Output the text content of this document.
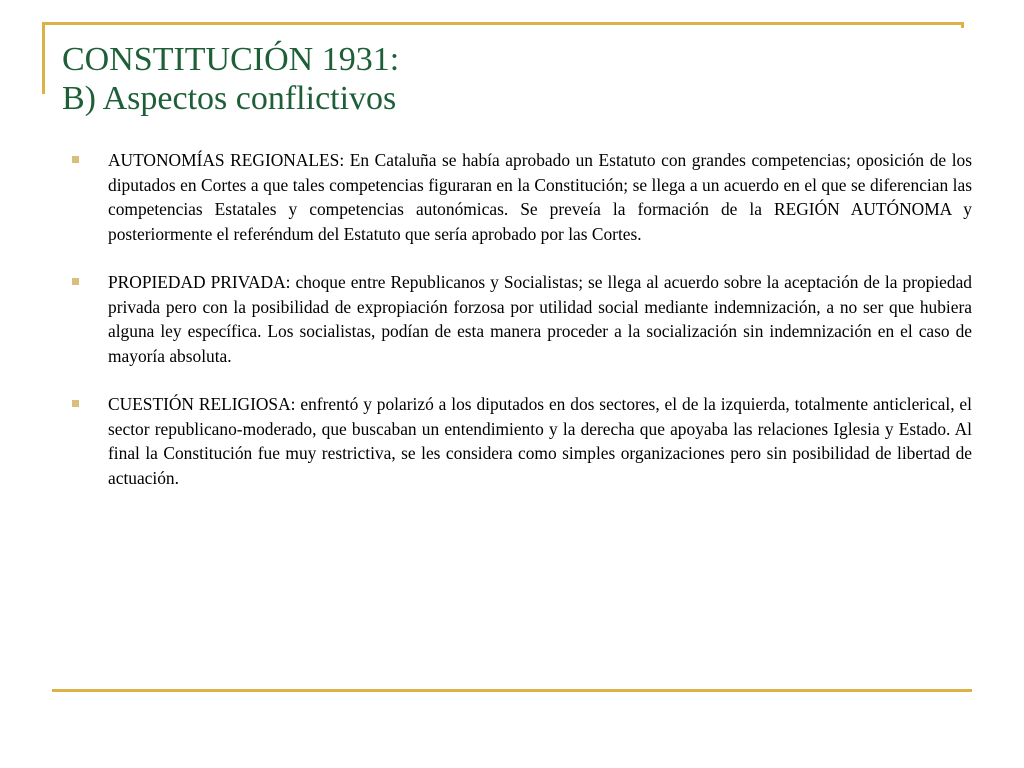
CONSTITUCIÓN 1931:
B) Aspectos conflictivos
AUTONOMÍAS REGIONALES: En Cataluña se había aprobado un Estatuto con grandes competencias; oposición de los diputados en Cortes a que tales competencias figuraran en la Constitución; se llega a un acuerdo en el que se diferencian las competencias Estatales y competencias autonómicas. Se preveía la formación de la REGIÓN AUTÓNOMA y posteriormente el referéndum del Estatuto que sería aprobado por las Cortes.
PROPIEDAD PRIVADA: choque entre Republicanos y Socialistas; se llega al acuerdo sobre la aceptación de la propiedad privada pero con la posibilidad de expropiación forzosa por utilidad social mediante indemnización, a no ser que hubiera alguna ley específica. Los socialistas, podían de esta manera proceder a la socialización sin indemnización en el caso de mayoría absoluta.
CUESTIÓN RELIGIOSA: enfrentó y polarizó a los diputados en dos sectores, el de la izquierda, totalmente anticlerical, el sector republicano-moderado, que buscaban un entendimiento y la derecha que apoyaba las relaciones Iglesia y Estado. Al final la Constitución fue muy restrictiva, se les considera como simples organizaciones pero sin posibilidad de libertad de actuación.
